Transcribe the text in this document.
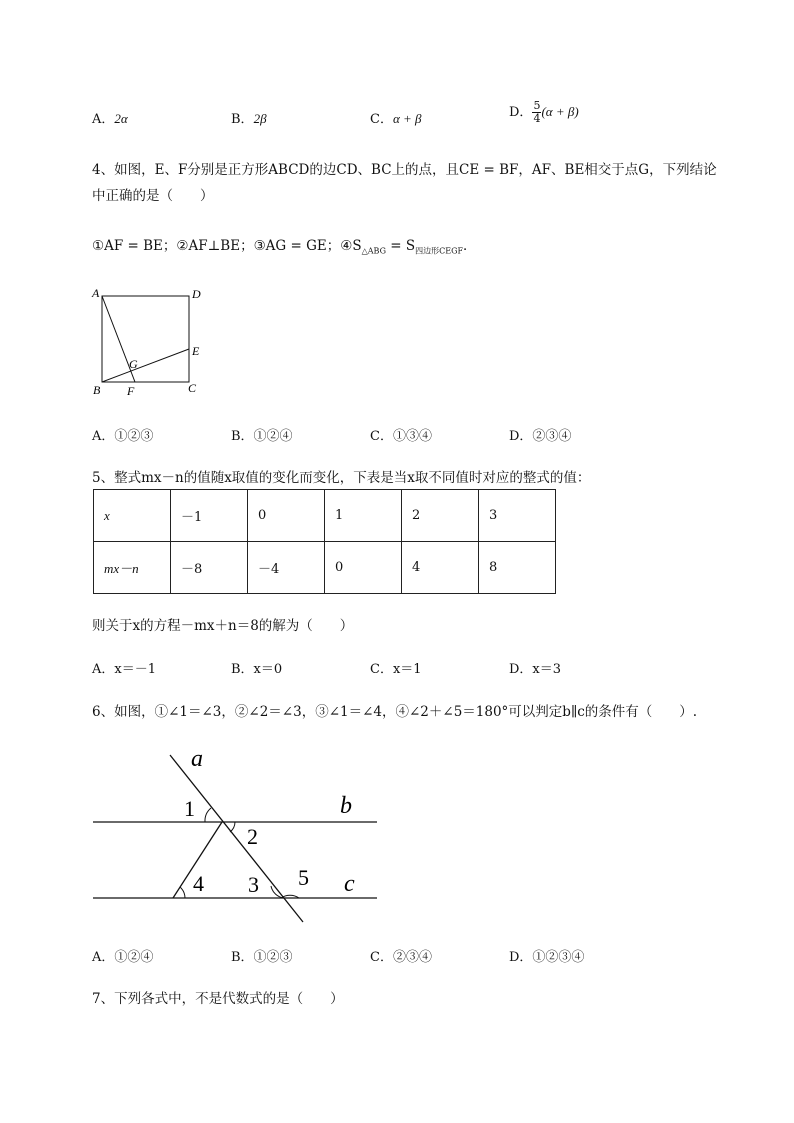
A．2α	B．2β	C．α + β	D． $\frac{5}{4} (\alpha + \beta)$
4、如图，E、F分别是正方形ABCD的边CD、BC上的点，且CE = BF，AF、BE相交于点G，下列结论
中正确的是（　　）
①AF = BE；②AF⊥BE；③AG = GE；$④S_{\triangle ABG} = S_{四边形CEGF}$．
A	D
E
G
B F	C
A．①②③	B．①②④	C．①③④	D．②③④
5、整式mx－n的值随x取值的变化而变化，下表是当x取不同值时对应的整式的值：
x	－1	0	1	2	3
mx－n	－8	－4	0	4	8
则关于x的方程－mx＋n＝8的解为（　　）
A．x＝－1	B．x＝0	C．x＝1	D．x＝3
6、如图，①∠1＝∠3，②∠2＝∠3，③∠1＝∠4，④∠2＋∠5＝180°可以判定b∥c的条件有（　　）.
a
b
c
1
2
3
4	5
A．①②④	B．①②③	C．②③④	D．①②③④
7、下列各式中，不是代数式的是（　　）
